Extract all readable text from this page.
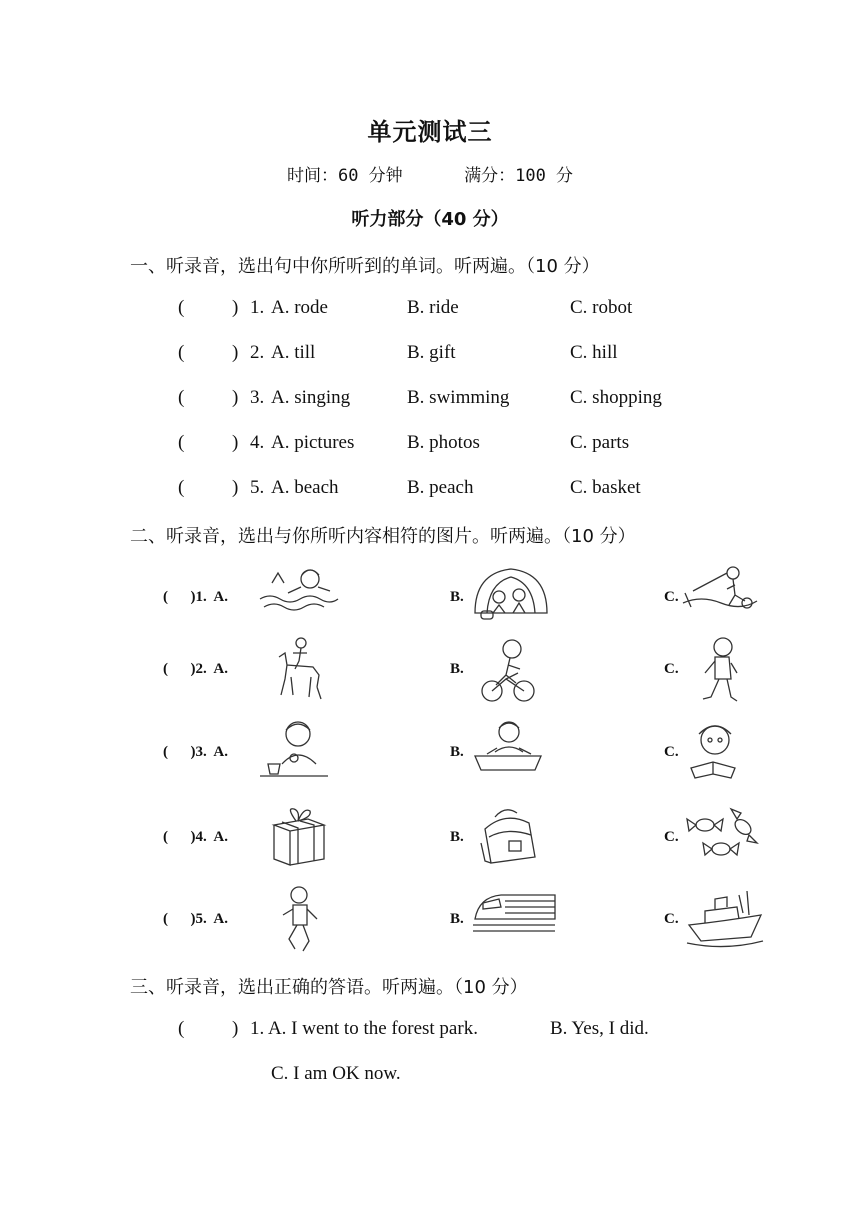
单元测试三
时间：60 分钟	满分：100 分
听力部分（40 分）
一、听录音，选出句中你所听到的单词。听两遍。（10 分）
(	) 1. A. rode	B. ride	C. robot
(	) 2. A. till	B. gift	C. hill
(	) 3. A. singing	B. swimming	C. shopping
(	) 4. A. pictures	B. photos	C. parts
(	) 5. A. beach	B. peach	C. basket
二、听录音，选出与你所听内容相符的图片。听两遍。（10 分）
(      )1.  A.	B.	C.
(      )2.  A.	B.	C.
(      )3.  A.	B.	C.
(      )4.  A.	B.	C.
(      )5.  A.	B.	C.
三、听录音，选出正确的答语。听两遍。（10 分）
(	) 1. A. I went to the forest park.	B. Yes, I did.
C. I am OK now.
